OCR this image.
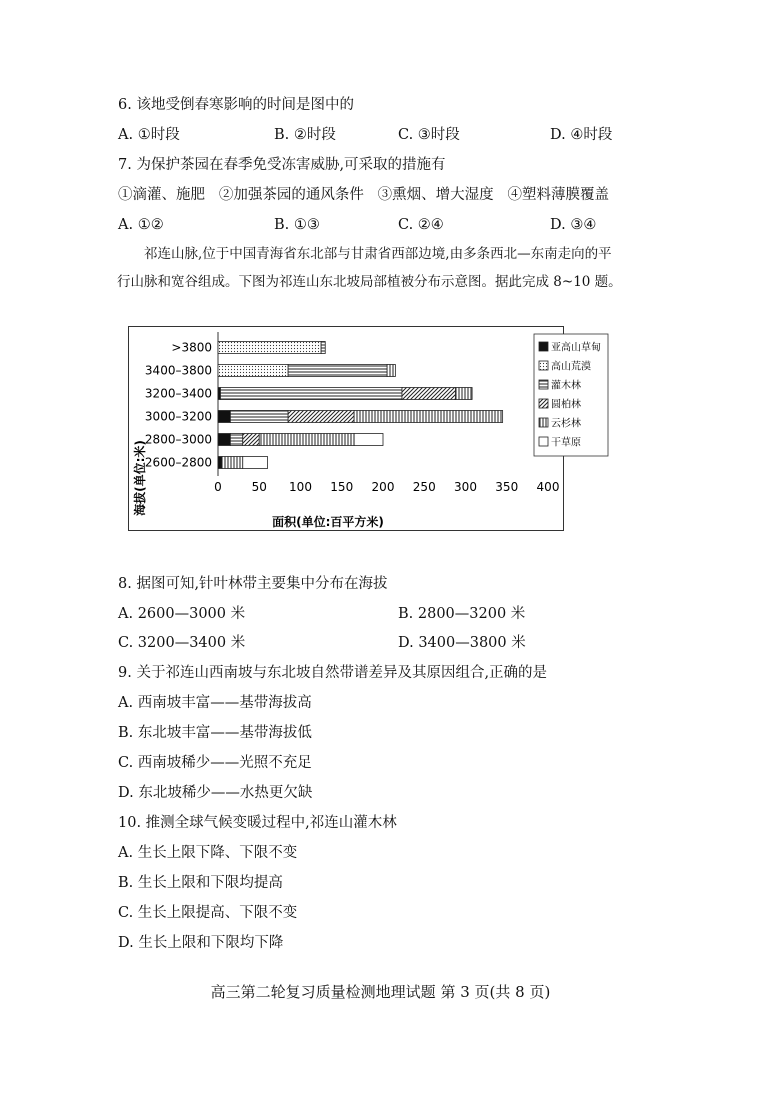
6. 该地受倒春寒影响的时间是图中的
A. ①时段	B. ②时段	C. ③时段	D. ④时段
7. 为保护茶园在春季免受冻害威胁,可采取的措施有
①滴灌、施肥   ②加强茶园的通风条件   ③熏烟、增大湿度   ④塑料薄膜覆盖
A. ①②	B. ①③	C. ②④	D. ③④
祁连山脉,位于中国青海省东北部与甘肃省西部边境,由多条西北—东南走向的平
行山脉和宽谷组成。下图为祁连山东北坡局部植被分布示意图。据此完成 8~10 题。
0 50 100 150 200 250 300 350 400
>3800
3400–3800
3200–3400
3000–3200
2800–3000
2600–2800
亚高山草甸
高山荒漠
灌木林
圆柏林
云杉林
干草原
海拔(单位:米)
面积(单位:百平方米)
8. 据图可知,针叶林带主要集中分布在海拔
A. 2600—3000 米	B. 2800—3200 米
C. 3200—3400 米	D. 3400—3800 米
9. 关于祁连山西南坡与东北坡自然带谱差异及其原因组合,正确的是
A. 西南坡丰富——基带海拔高
B. 东北坡丰富——基带海拔低
C. 西南坡稀少——光照不充足
D. 东北坡稀少——水热更欠缺
10. 推测全球气候变暖过程中,祁连山灌木林
A. 生长上限下降、下限不变
B. 生长上限和下限均提高
C. 生长上限提高、下限不变
D. 生长上限和下限均下降
高三第二轮复习质量检测地理试题 第 3 页(共 8 页)
